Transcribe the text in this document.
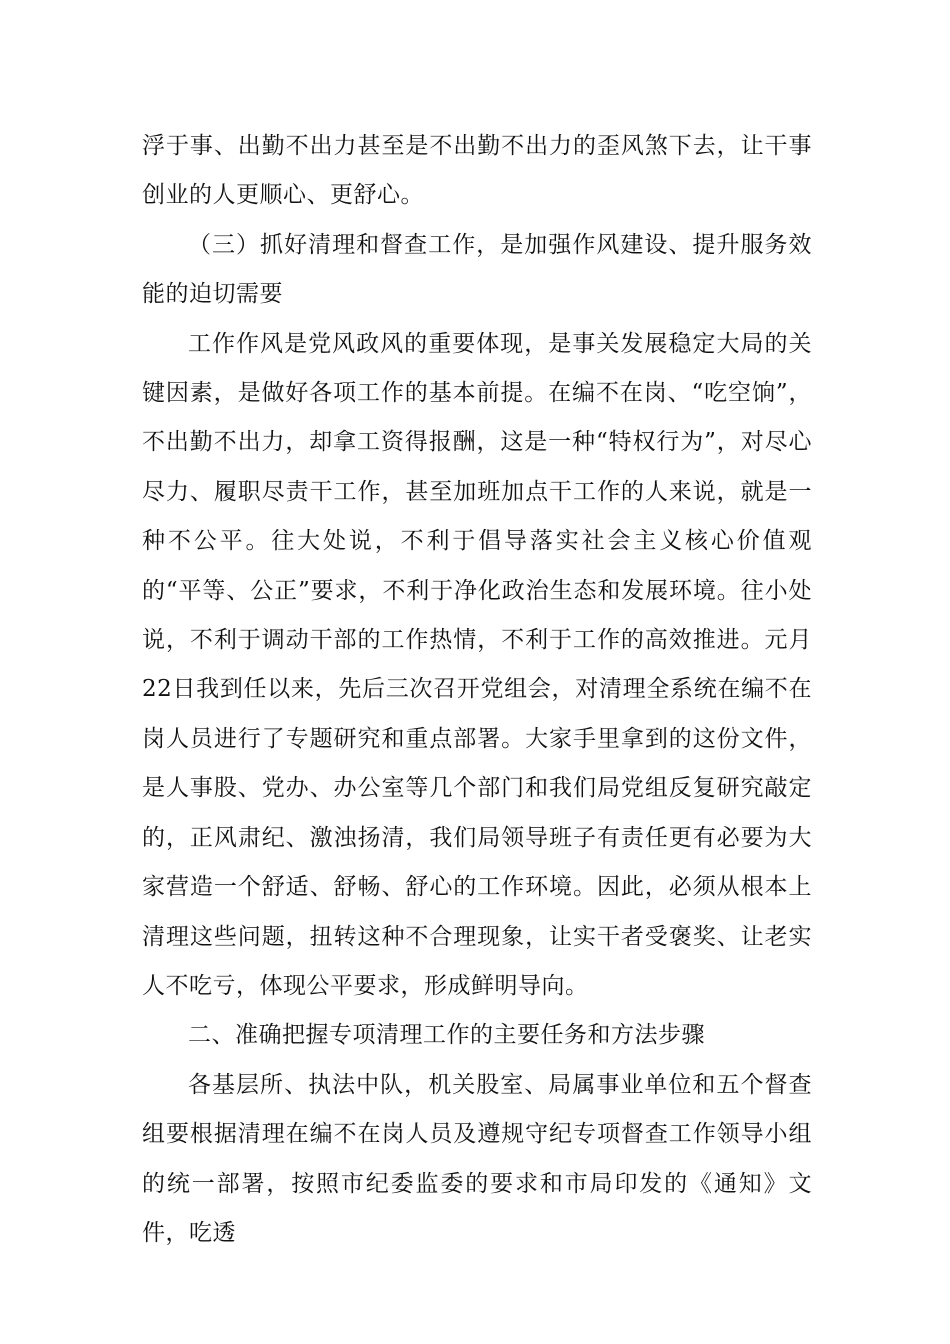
浮于事、出勤不出力甚至是不出勤不出力的歪风煞下去，让干事创业的人更顺心、更舒心。

（三）抓好清理和督查工作，是加强作风建设、提升服务效能的迫切需要

工作作风是党风政风的重要体现，是事关发展稳定大局的关键因素，是做好各项工作的基本前提。在编不在岗、“吃空饷”，不出勤不出力，却拿工资得报酬，这是一种“特权行为”，对尽心尽力、履职尽责干工作，甚至加班加点干工作的人来说，就是一种不公平。往大处说，不利于倡导落实社会主义核心价值观的“平等、公正”要求，不利于净化政治生态和发展环境。往小处说，不利于调动干部的工作热情，不利于工作的高效推进。元月22日我到任以来，先后三次召开党组会，对清理全系统在编不在岗人员进行了专题研究和重点部署。大家手里拿到的这份文件，是人事股、党办、办公室等几个部门和我们局党组反复研究敲定的，正风肃纪、激浊扬清，我们局领导班子有责任更有必要为大家营造一个舒适、舒畅、舒心的工作环境。因此，必须从根本上清理这些问题，扭转这种不合理现象，让实干者受褒奖、让老实人不吃亏，体现公平要求，形成鲜明导向。

二、准确把握专项清理工作的主要任务和方法步骤

各基层所、执法中队，机关股室、局属事业单位和五个督查组要根据清理在编不在岗人员及遵规守纪专项督查工作领导小组的统一部署，按照市纪委监委的要求和市局印发的《通知》文件，吃透
